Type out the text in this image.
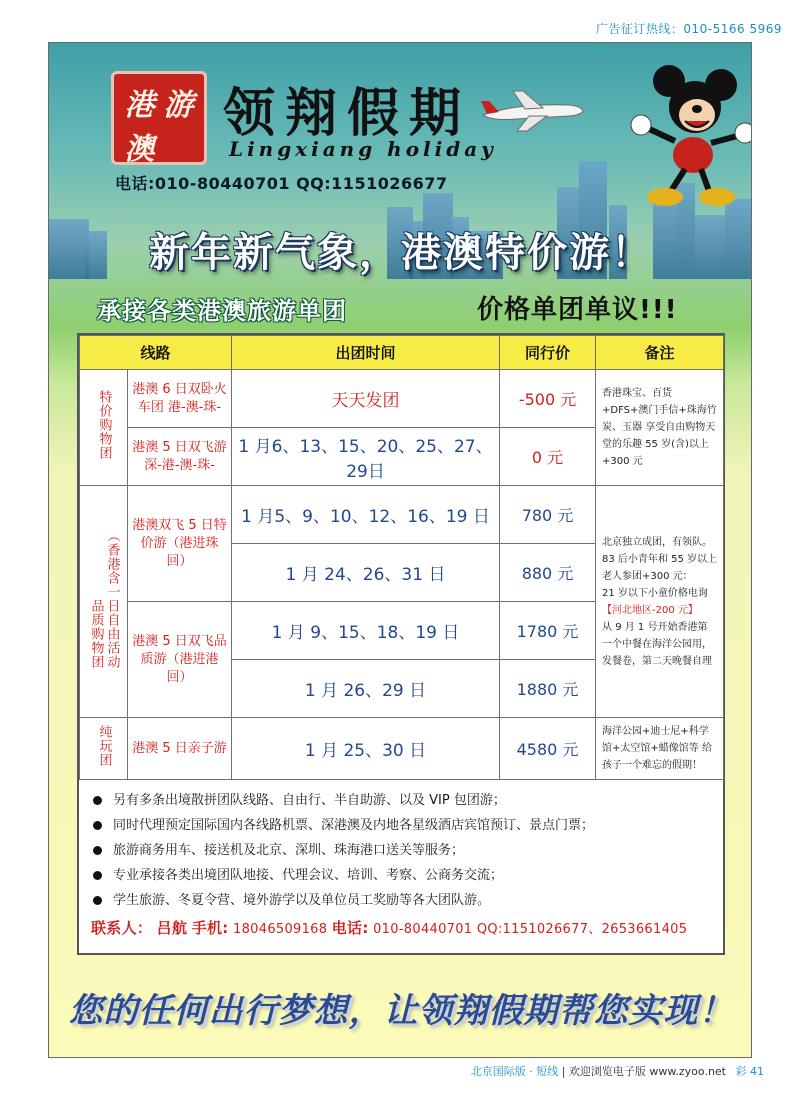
广告征订热线：010-5166 5969
港 游
澳
领翔假期
Lingxiang holiday
电话:010-80440701 QQ:1151026677
新年新气象，港澳特价游！
承接各类港澳旅游单团	价格单团单议!!!
线路		出团时间	同行价	备注
特价购物团	港澳 6 日双卧火车团 港-澳-珠-	天天发团	-500 元	香港珠宝、百货+DFS+澳门手信+珠海竹炭、玉器 享受自由购物天堂的乐趣 55 岁(含)以上+300 元
	港澳 5 日双飞游 深-港-澳-珠-	1 月6、13、15、20、25、27、29日	0 元	
品质购物团（香港含一日自由活动	港澳双飞 5 日特价游（港进珠回）	1 月5、9、10、12、16、19 日	780 元	北京独立成团，有领队。
83 后小青年和 55 岁以上老人参团+300 元：
21 岁以下小童价格电询
【河北地区-200 元】
从 9 月 1 号开始香港第一个中餐在海洋公园用，发餐卷，第二天晚餐自理

		1 月 24、26、31 日	880 元	
	港澳 5 日双飞品质游（港进港回）	1 月 9、15、18、19 日	1780 元	
		1 月 26、29 日	1880 元	
纯玩团	港澳 5 日亲子游	1 月 25、30 日	4580 元	海洋公园+迪士尼+科学馆+太空馆+蜡像馆等 给孩子一个难忘的假期！
另有多条出境散拼团队线路、自由行、半自助游、以及 VIP 包团游；
同时代理预定国际国内各线路机票、深港澳及内地各星级酒店宾馆预订、景点门票；
旅游商务用车、接送机及北京、深圳、珠海港口送关等服务；
专业承接各类出境团队地接、代理会议、培训、考察、公商务交流；
学生旅游、冬夏令营、境外游学以及单位员工奖励等各大团队游。
联系人： 吕航 手机: 18046509168 电话: 010-80440701 QQ:1151026677、2653661405
您的任何出行梦想，让领翔假期帮您实现！
北京国际版 · 短线 | 欢迎浏览电子版 www.zyoo.net 彩 41
